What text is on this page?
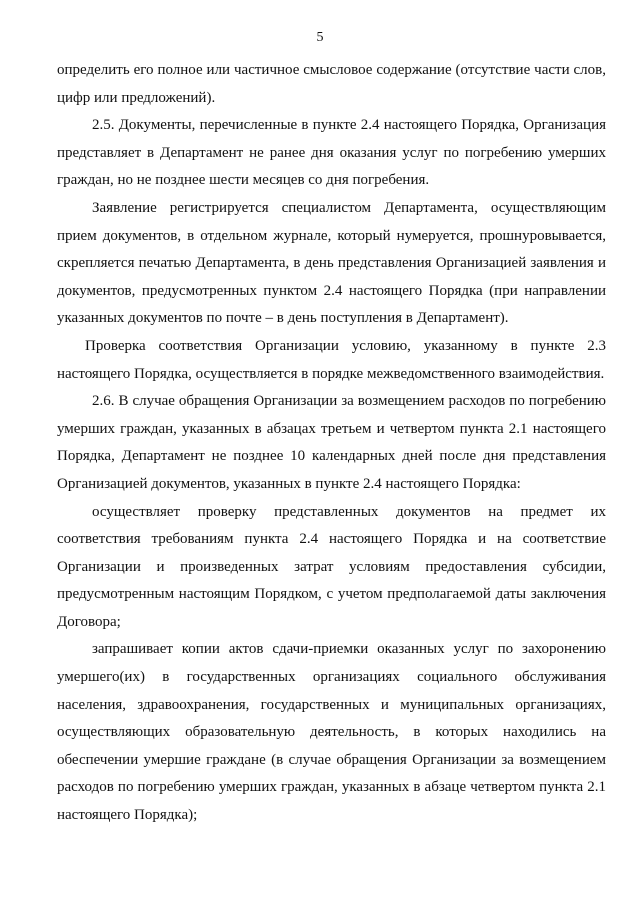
5

определить его полное или частичное смысловое содержание (отсутствие части слов, цифр или предложений).

2.5. Документы, перечисленные в пункте 2.4 настоящего Порядка, Организация представляет в Департамент не ранее дня оказания услуг по погребению умерших граждан, но не позднее шести месяцев со дня погребения.

Заявление регистрируется специалистом Департамента, осуществляющим прием документов, в отдельном журнале, который нумеруется, прошнуровывается, скрепляется печатью Департамента, в день представления Организацией заявления и документов, предусмотренных пунктом 2.4 настоящего Порядка (при направлении указанных документов по почте – в день поступления в Департамент).

Проверка соответствия Организации условию, указанному в пункте 2.3 настоящего Порядка, осуществляется в порядке межведомственного взаимодействия.

2.6. В случае обращения Организации за возмещением расходов по погребению умерших граждан, указанных в абзацах третьем и четвертом пункта 2.1 настоящего Порядка, Департамент не позднее 10 календарных дней после дня представления Организацией документов, указанных в пункте 2.4 настоящего Порядка:

осуществляет проверку представленных документов на предмет их соответствия требованиям пункта 2.4 настоящего Порядка и на соответствие Организации и произведенных затрат условиям предоставления субсидии, предусмотренным настоящим Порядком, с учетом предполагаемой даты заключения Договора;

запрашивает копии актов сдачи-приемки оказанных услуг по захоронению умершего(их) в государственных организациях социального обслуживания населения, здравоохранения, государственных и муниципальных организациях, осуществляющих образовательную деятельность, в которых находились на обеспечении умершие граждане (в случае обращения Организации за возмещением расходов по погребению умерших граждан, указанных в абзаце четвертом пункта 2.1 настоящего Порядка);
